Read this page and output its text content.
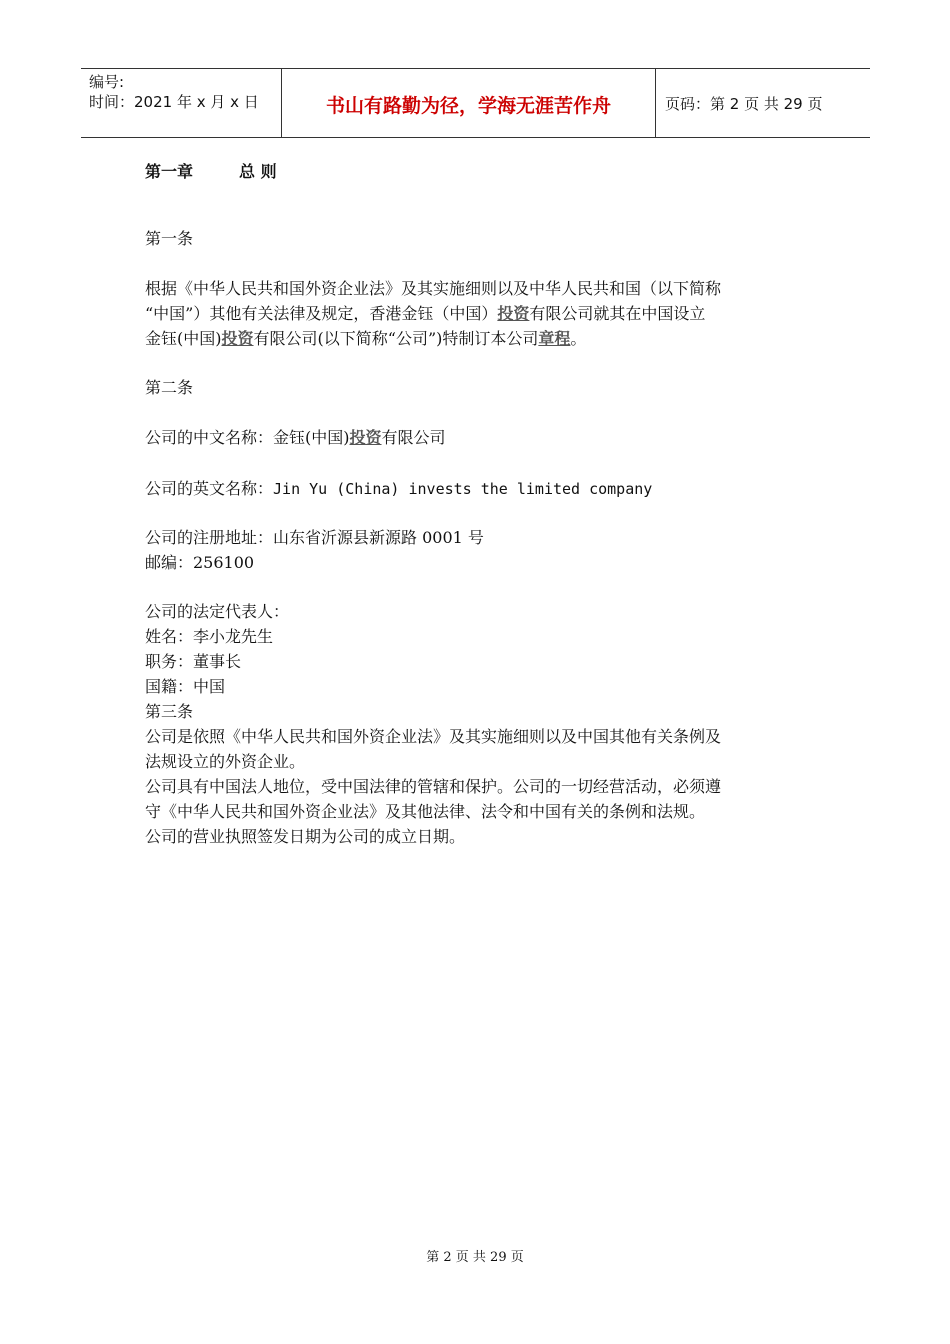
编号:
时间：2021 年 x 月 x 日	书山有路勤为径，学海无涯苦作舟	页码：第 2 页 共 29 页
第一章	总 则
第一条
根据《中华人民共和国外资企业法》及其实施细则以及中华人民共和国（以下简称
“中国”）其他有关法律及规定，香港金钰（中国）投资有限公司就其在中国设立
金钰(中国)投资有限公司(以下简称“公司”)特制订本公司章程。
第二条
公司的中文名称：金钰(中国)投资有限公司
公司的英文名称：Jin Yu (China) invests the limited company
公司的注册地址：山东省沂源县新源路 0001 号
邮编：256100
公司的法定代表人：
姓名：李小龙先生
职务：董事长
国籍：中国
第三条
公司是依照《中华人民共和国外资企业法》及其实施细则以及中国其他有关条例及
法规设立的外资企业。
公司具有中国法人地位，受中国法律的管辖和保护。公司的一切经营活动，必须遵
守《中华人民共和国外资企业法》及其他法律、法令和中国有关的条例和法规。
公司的营业执照签发日期为公司的成立日期。
第 2 页 共 29 页
